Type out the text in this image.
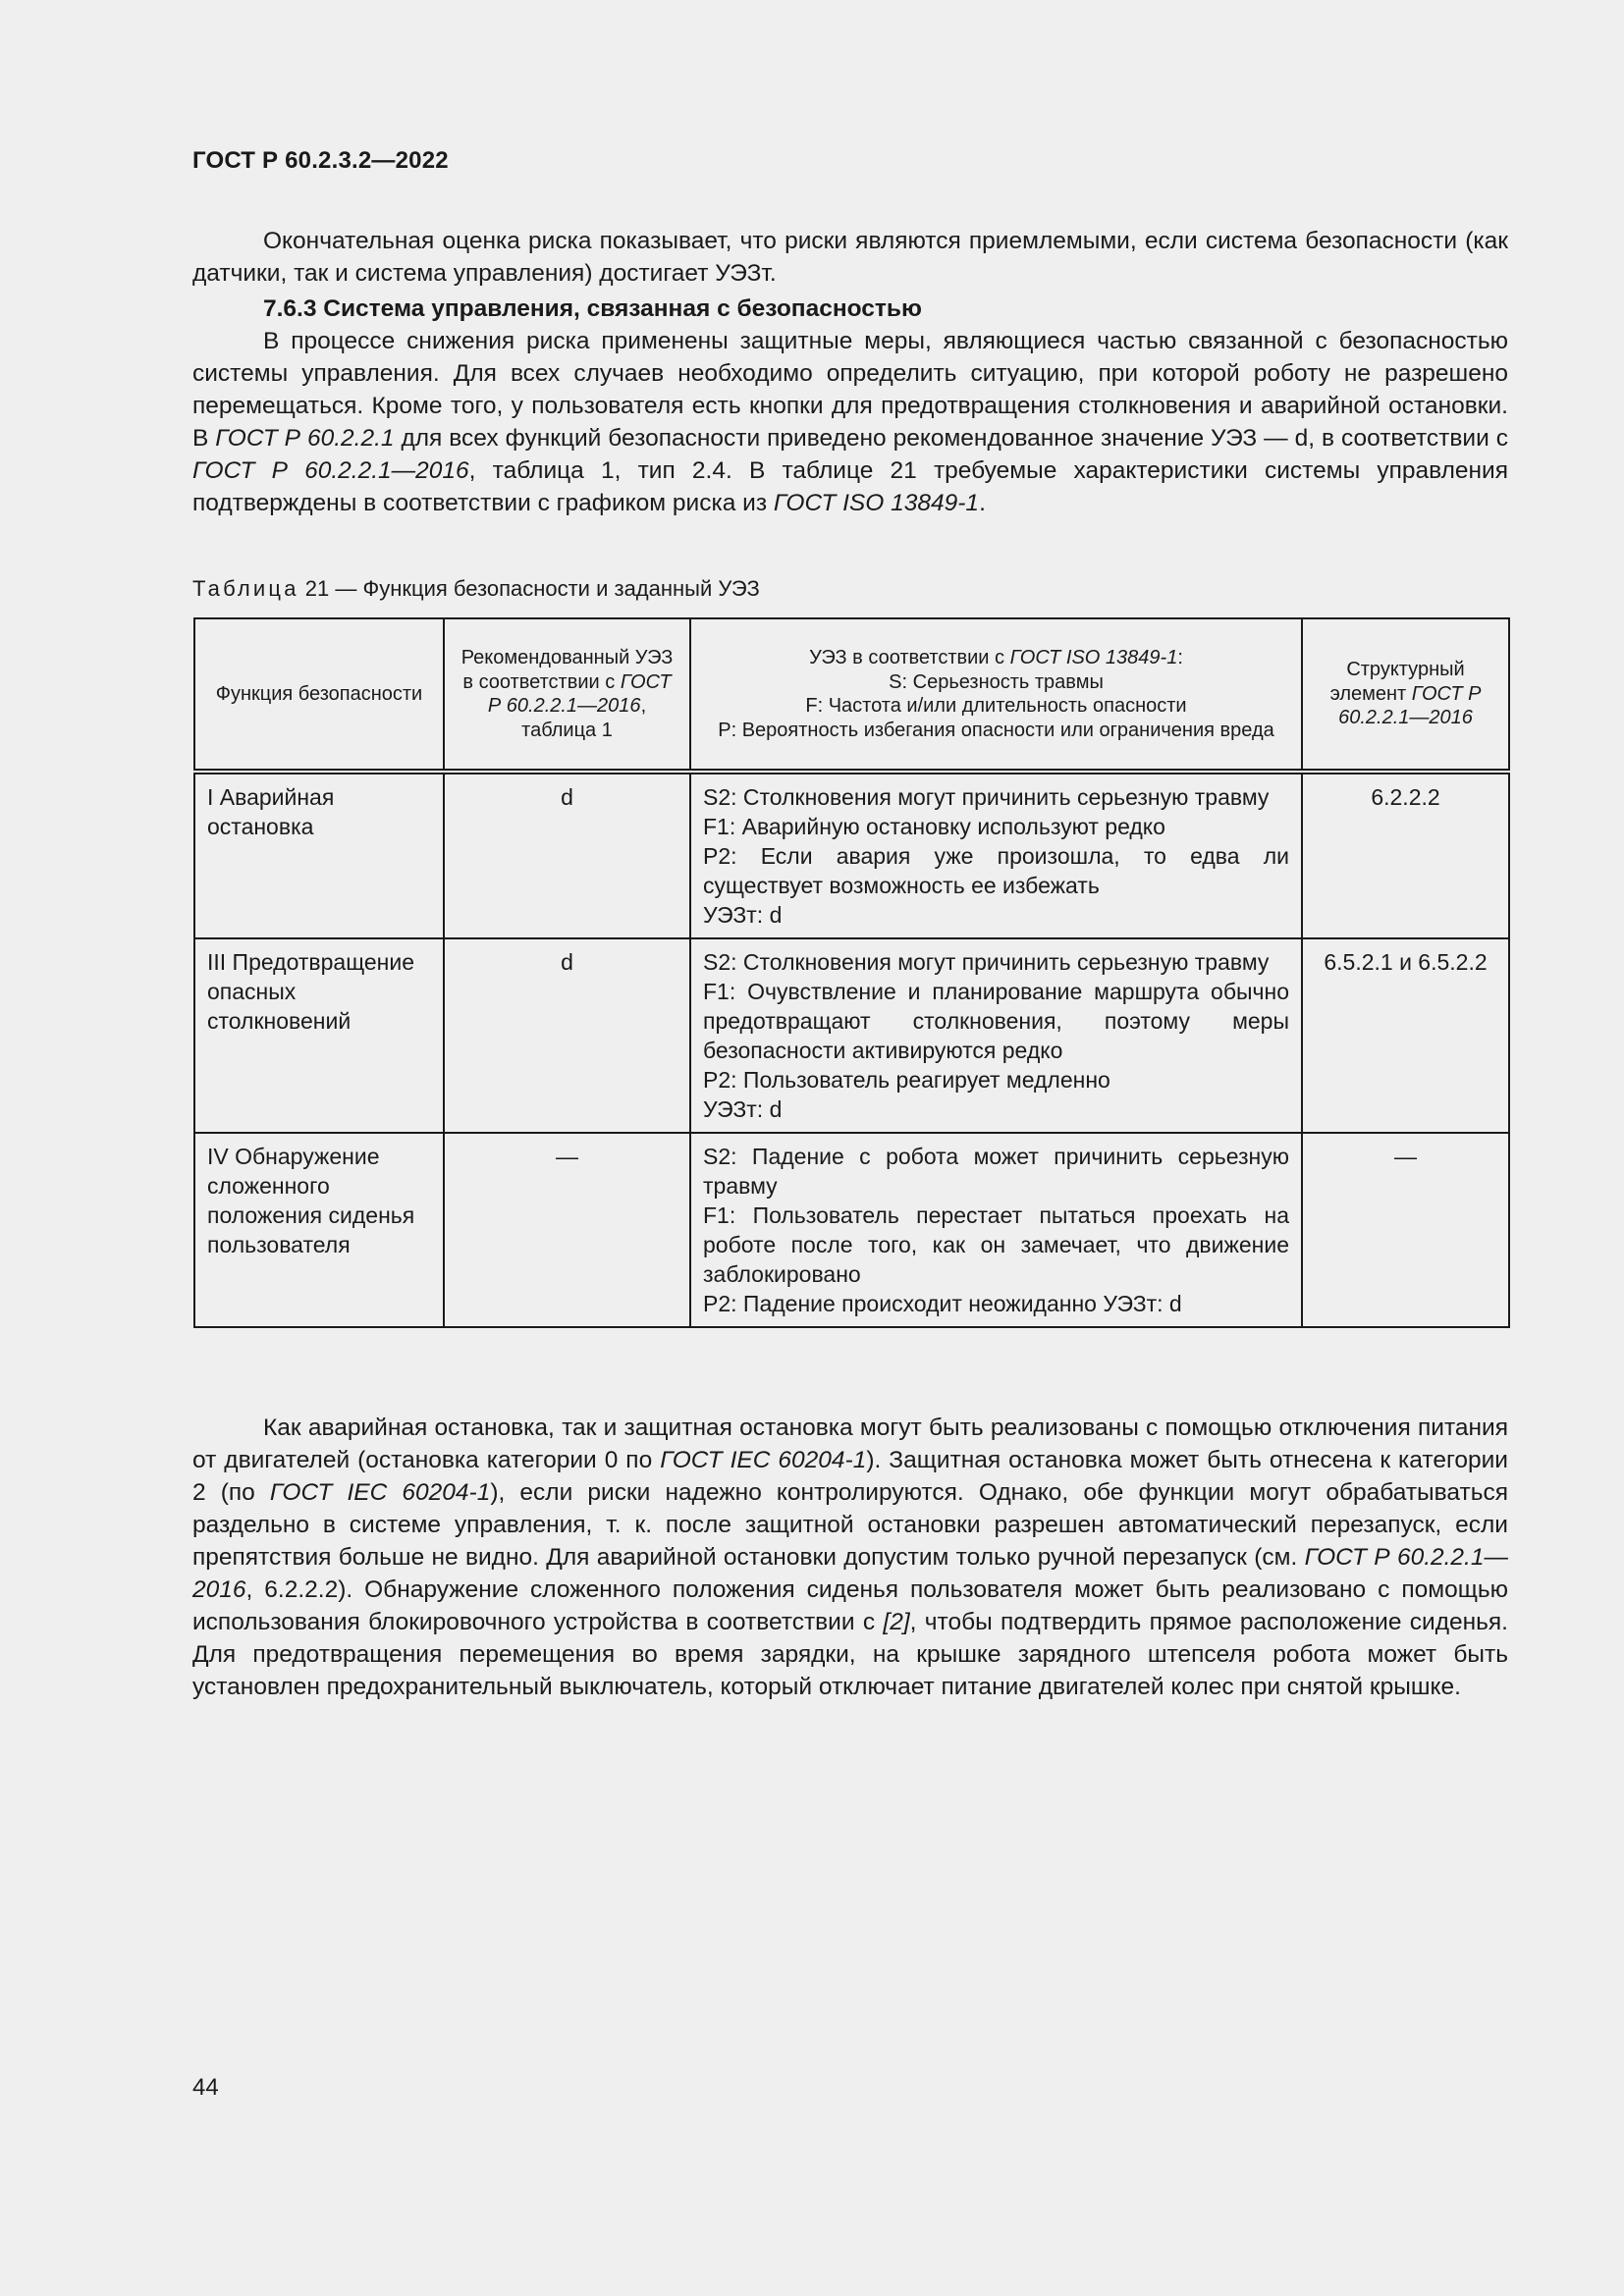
ГОСТ Р 60.2.3.2—2022

Окончательная оценка риска показывает, что риски являются приемлемыми, если система безопасности (как датчики, так и система управления) достигает УЭЗт.

7.6.3 Система управления, связанная с безопасностью

В процессе снижения риска применены защитные меры, являющиеся частью связанной с безопасностью системы управления. Для всех случаев необходимо определить ситуацию, при которой роботу не разрешено перемещаться. Кроме того, у пользователя есть кнопки для предотвращения столкновения и аварийной остановки. В ГОСТ Р 60.2.2.1 для всех функций безопасности приведено рекомендованное значение УЭЗ — d, в соответствии с ГОСТ Р 60.2.2.1—2016, таблица 1, тип 2.4. В таблице 21 требуемые характеристики системы управления подтверждены в соответствии с графиком риска из ГОСТ ISO 13849-1.

Таблица 21 — Функция безопасности и заданный УЭЗ
Функция безопасности	Рекомендованный УЭЗ в соответствии с ГОСТ Р 60.2.2.1—2016, таблица 1	УЭЗ в соответствии с ГОСТ ISO 13849-1:
S: Серьезность травмы
F: Частота и/или длительность опасности
P: Вероятность избегания опасности или ограничения вреда	Структурный элемент ГОСТ Р 60.2.2.1—2016
I Аварийная остановка	d	S2: Столкновения могут причинить серьезную травму
F1: Аварийную остановку используют редко
P2: Если авария уже произошла, то едва ли существует возможность ее избежать
УЭЗт: d	6.2.2.2
III Предотвращение опасных столкновений	d	S2: Столкновения могут причинить серьезную травму
F1: Очувствление и планирование маршрута обычно предотвращают столкновения, поэтому меры безопасности активируются редко
P2: Пользователь реагирует медленно
УЭЗт: d	6.5.2.1 и 6.5.2.2
IV Обнаружение сложенного положения сиденья пользователя	—	S2: Падение с робота может причинить серьезную травму
F1: Пользователь перестает пытаться проехать на роботе после того, как он замечает, что движение заблокировано
P2: Падение происходит неожиданно УЭЗт: d	—

Как аварийная остановка, так и защитная остановка могут быть реализованы с помощью отключения питания от двигателей (остановка категории 0 по ГОСТ IEC 60204-1). Защитная остановка может быть отнесена к категории 2 (по ГОСТ IEC 60204-1), если риски надежно контролируются. Однако, обе функции могут обрабатываться раздельно в системе управления, т. к. после защитной остановки разрешен автоматический перезапуск, если препятствия больше не видно. Для аварийной остановки допустим только ручной перезапуск (см. ГОСТ Р 60.2.2.1—2016, 6.2.2.2). Обнаружение сложенного положения сиденья пользователя может быть реализовано с помощью использования блокировочного устройства в соответствии с [2], чтобы подтвердить прямое расположение сиденья. Для предотвращения перемещения во время зарядки, на крышке зарядного штепселя робота может быть установлен предохранительный выключатель, который отключает питание двигателей колес при снятой крышке.

44
